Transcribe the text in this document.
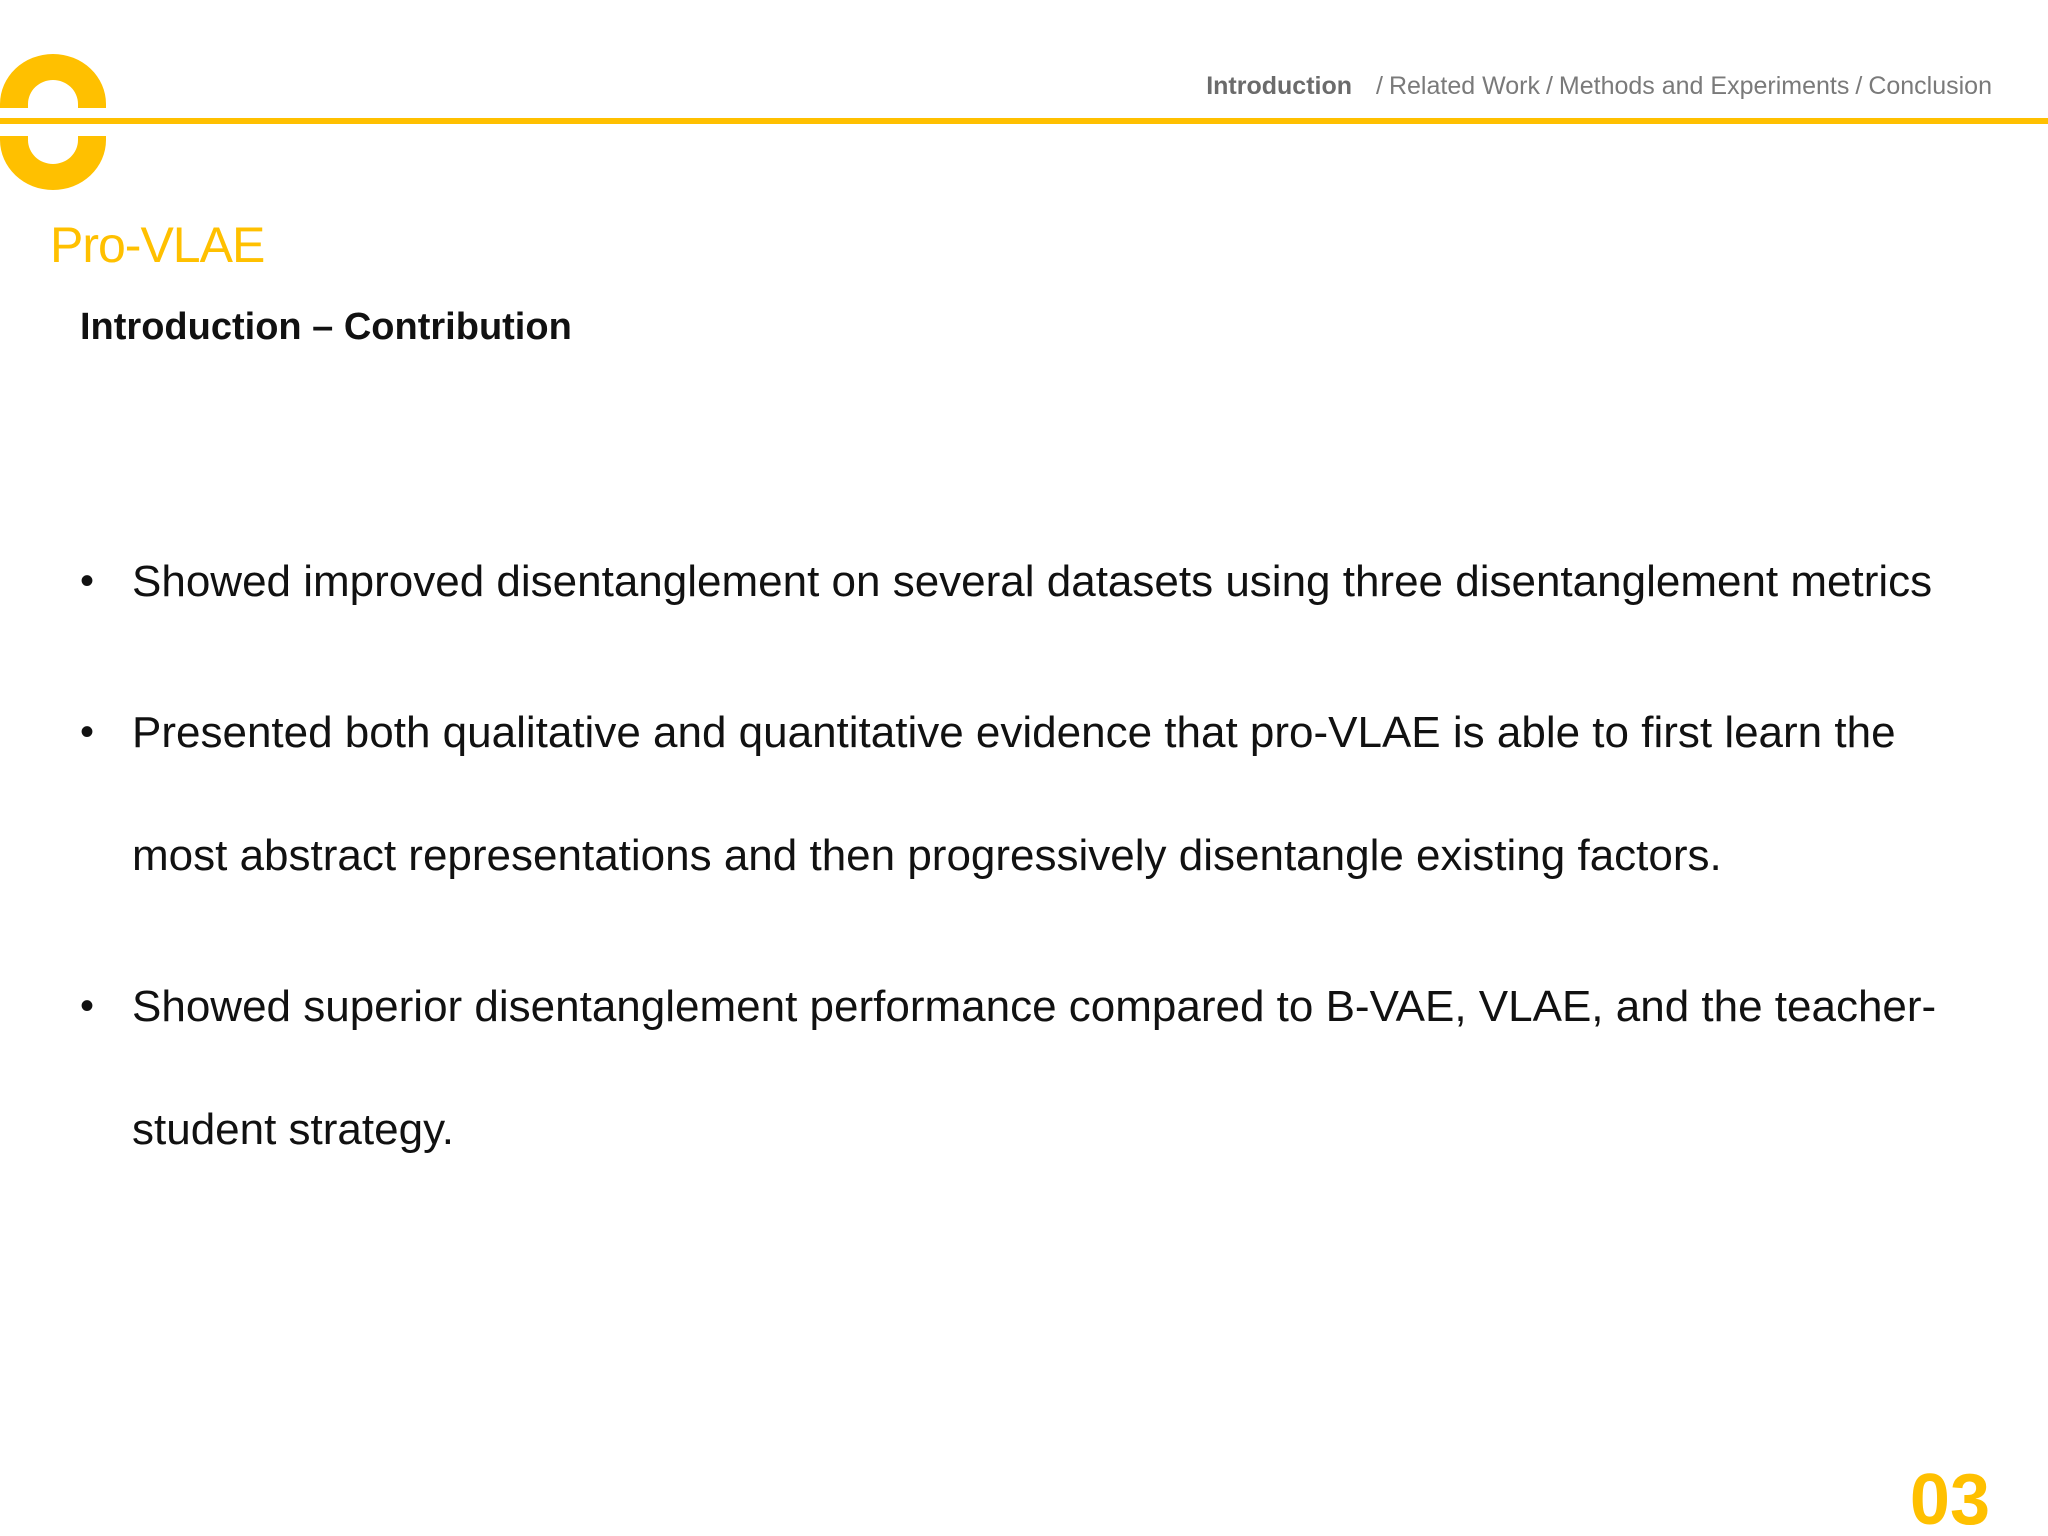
Introduction / Related Work / Methods and Experiments / Conclusion
Pro-VLAE
Introduction – Contribution
• Showed improved disentanglement on several datasets using three disentanglement metrics
• Presented both qualitative and quantitative evidence that pro-VLAE is able to first learn the most abstract representations and then progressively disentangle existing factors.
• Showed superior disentanglement performance compared to B-VAE, VLAE, and the teacher-student strategy.
03
